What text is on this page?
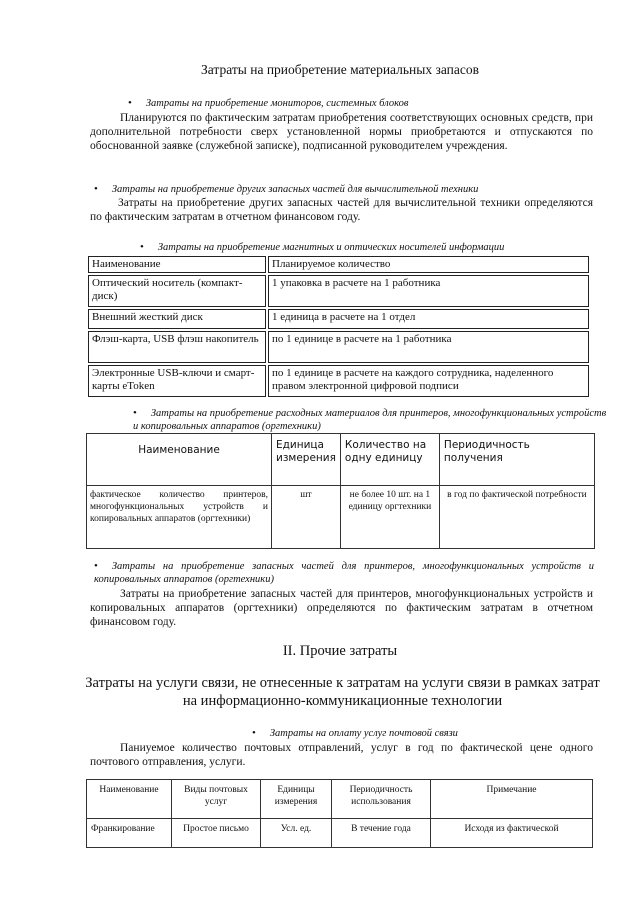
Затраты на приобретение материальных запасов
• Затраты на приобретение мониторов, системных блоков
Планируются по фактическим затратам приобретения соответствующих основных средств, при дополнительной потребности сверх установленной нормы приобретаются и отпускаются по обоснованной заявке (служебной записке), подписанной руководителем учреждения.
• Затраты на приобретение других запасных частей для вычислительной техники
Затраты на приобретение других запасных частей для вычислительной техники определяются по фактическим затратам в отчетном финансовом году.
• Затраты на приобретение магнитных и оптических носителей информации
Наименование	Планируемое количество
Оптический носитель (компакт-диск)	1 упаковка в расчете на 1 работника
Внешний жесткий диск	1 единица в расчете на 1 отдел
Флэш-карта, USB флэш накопитель	по 1 единице в расчете на 1 работника
Электронные USB-ключи и смарт-карты eToken	по 1 единице в расчете на каждого сотрудника, наделенного правом электронной цифровой подписи
• Затраты на приобретение расходных материалов для принтеров, многофункциональных устройств и копировальных аппаратов (оргтехники)
Наименование	Единица измерения	Количество на одну единицу	Периодичность получения
фактическое количество принтеров, многофункциональных устройств и копировальных аппаратов (оргтехники)	шт	не более 10 шт. на 1 единицу оргтехники	в год по фактической потребности
• Затраты на приобретение запасных частей для принтеров, многофункциональных устройств и копировальных аппаратов (оргтехники)
Затраты на приобретение запасных частей для принтеров, многофункциональных устройств и копировальных аппаратов (оргтехники) определяются по фактическим затратам в отчетном финансовом году.
II. Прочие затраты
Затраты на услуги связи, не отнесенные к затратам на услуги связи в рамках затрат на информационно-коммуникационные технологии
• Затраты на оплату услуг почтовой связи
Паниуемое количество почтовых отправлений, услуг в год по фактической цене одного почтового отправления, услуги.
Наименование	Виды почтовых услуг	Единицы измерения	Периодичность использования	Примечание
Франкирование	Простое письмо	Усл. ед.	В течение года	Исходя из фактической
